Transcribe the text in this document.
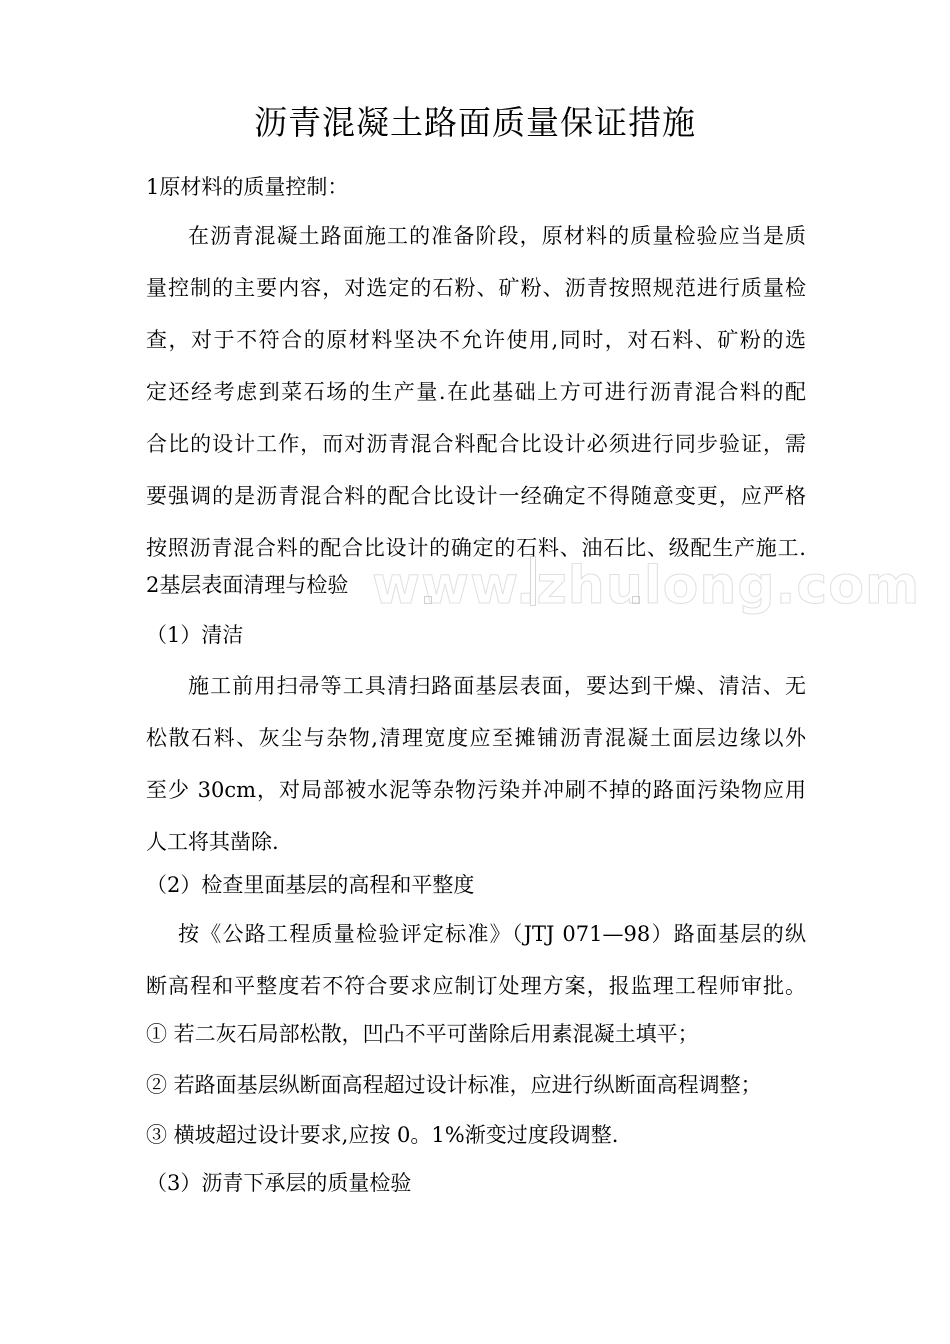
www.zhulong.com
沥青混凝土路面质量保证措施
1原材料的质量控制：
在沥青混凝土路面施工的准备阶段，原材料的质量检验应当是质
量控制的主要内容，对选定的石粉、矿粉、沥青按照规范进行质量检
查，对于不符合的原材料坚决不允许使用,同时，对石料、矿粉的选
定还经考虑到菜石场的生产量.在此基础上方可进行沥青混合料的配
合比的设计工作，而对沥青混合料配合比设计必须进行同步验证，需
要强调的是沥青混合料的配合比设计一经确定不得随意变更，应严格
按照沥青混合料的配合比设计的确定的石料、油石比、级配生产施工.
2基层表面清理与检验
（1）清洁
施工前用扫帚等工具清扫路面基层表面，要达到干燥、清洁、无
松散石料、灰尘与杂物,清理宽度应至摊铺沥青混凝土面层边缘以外
至少 30cm，对局部被水泥等杂物污染并冲刷不掉的路面污染物应用
人工将其凿除.
（2）检查里面基层的高程和平整度
按《公路工程质量检验评定标准》（JTJ 071—98）路面基层的纵
断高程和平整度若不符合要求应制订处理方案，报监理工程师审批。
① 若二灰石局部松散，凹凸不平可凿除后用素混凝土填平；
② 若路面基层纵断面高程超过设计标准，应进行纵断面高程调整；
③ 横坡超过设计要求,应按 0。1%渐变过度段调整.
（3）沥青下承层的质量检验
